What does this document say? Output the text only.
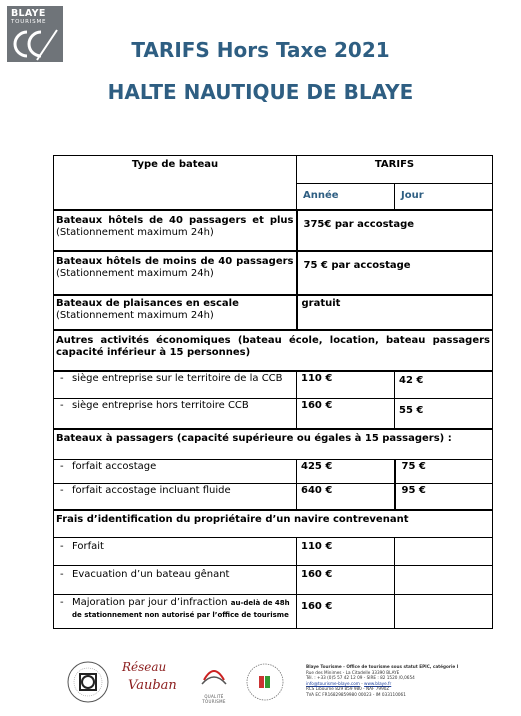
BLAYE
TOURISME
TARIFS Hors Taxe 2021
HALTE NAUTIQUE DE BLAYE
Type de bateau	TARIFS	
	Année	Jour
Bateaux hôtels de 40 passagers et plus (Stationnement maximum 24h)	375€ par accostage	
Bateaux hôtels de moins de 40 passagers (Stationnement maximum 24h)	75 € par accostage	

Bateaux de plaisances en escale
(Stationnement maximum 24h)	gratuit	
Autres activités économiques (bateau école, location, bateau passagers capacité inférieur à 15 personnes)		

- siège entreprise sur le territoire de la CCB	110 €	42 €

- siège entreprise hors territoire CCB	160 €	55 €
Bateaux à passagers (capacité supérieure ou égales à 15 passagers) :		

- forfait accostage	425 €	75 €

- forfait accostage incluant fluide	640 €	95 €
Frais d’identification du propriétaire d’un navire contrevenant		

- Forfait	110 €	

- Evacuation d’un bateau gênant	160 €	

- Majoration par jour d’infraction au-delà de 48h de stationnement non autorisé par l’office de tourisme	160 €	
Réseau
Vauban
QUALITÉ TOURISME
Blaye Tourisme - Office de tourisme sous statut EPIC, catégorie I
Rue des Minimes - La Citadelle 33390 BLAYE
Tél. : +33 (0)5 57 42 12 09 - SIRE : 82 1520 /0,0654
info@tourisme-blaye.com - www.blaye.fr
RCS Libourne 829 859 980 - NAF 7990Z
TVA EC FR16829859980 00023 - IM 033110061
